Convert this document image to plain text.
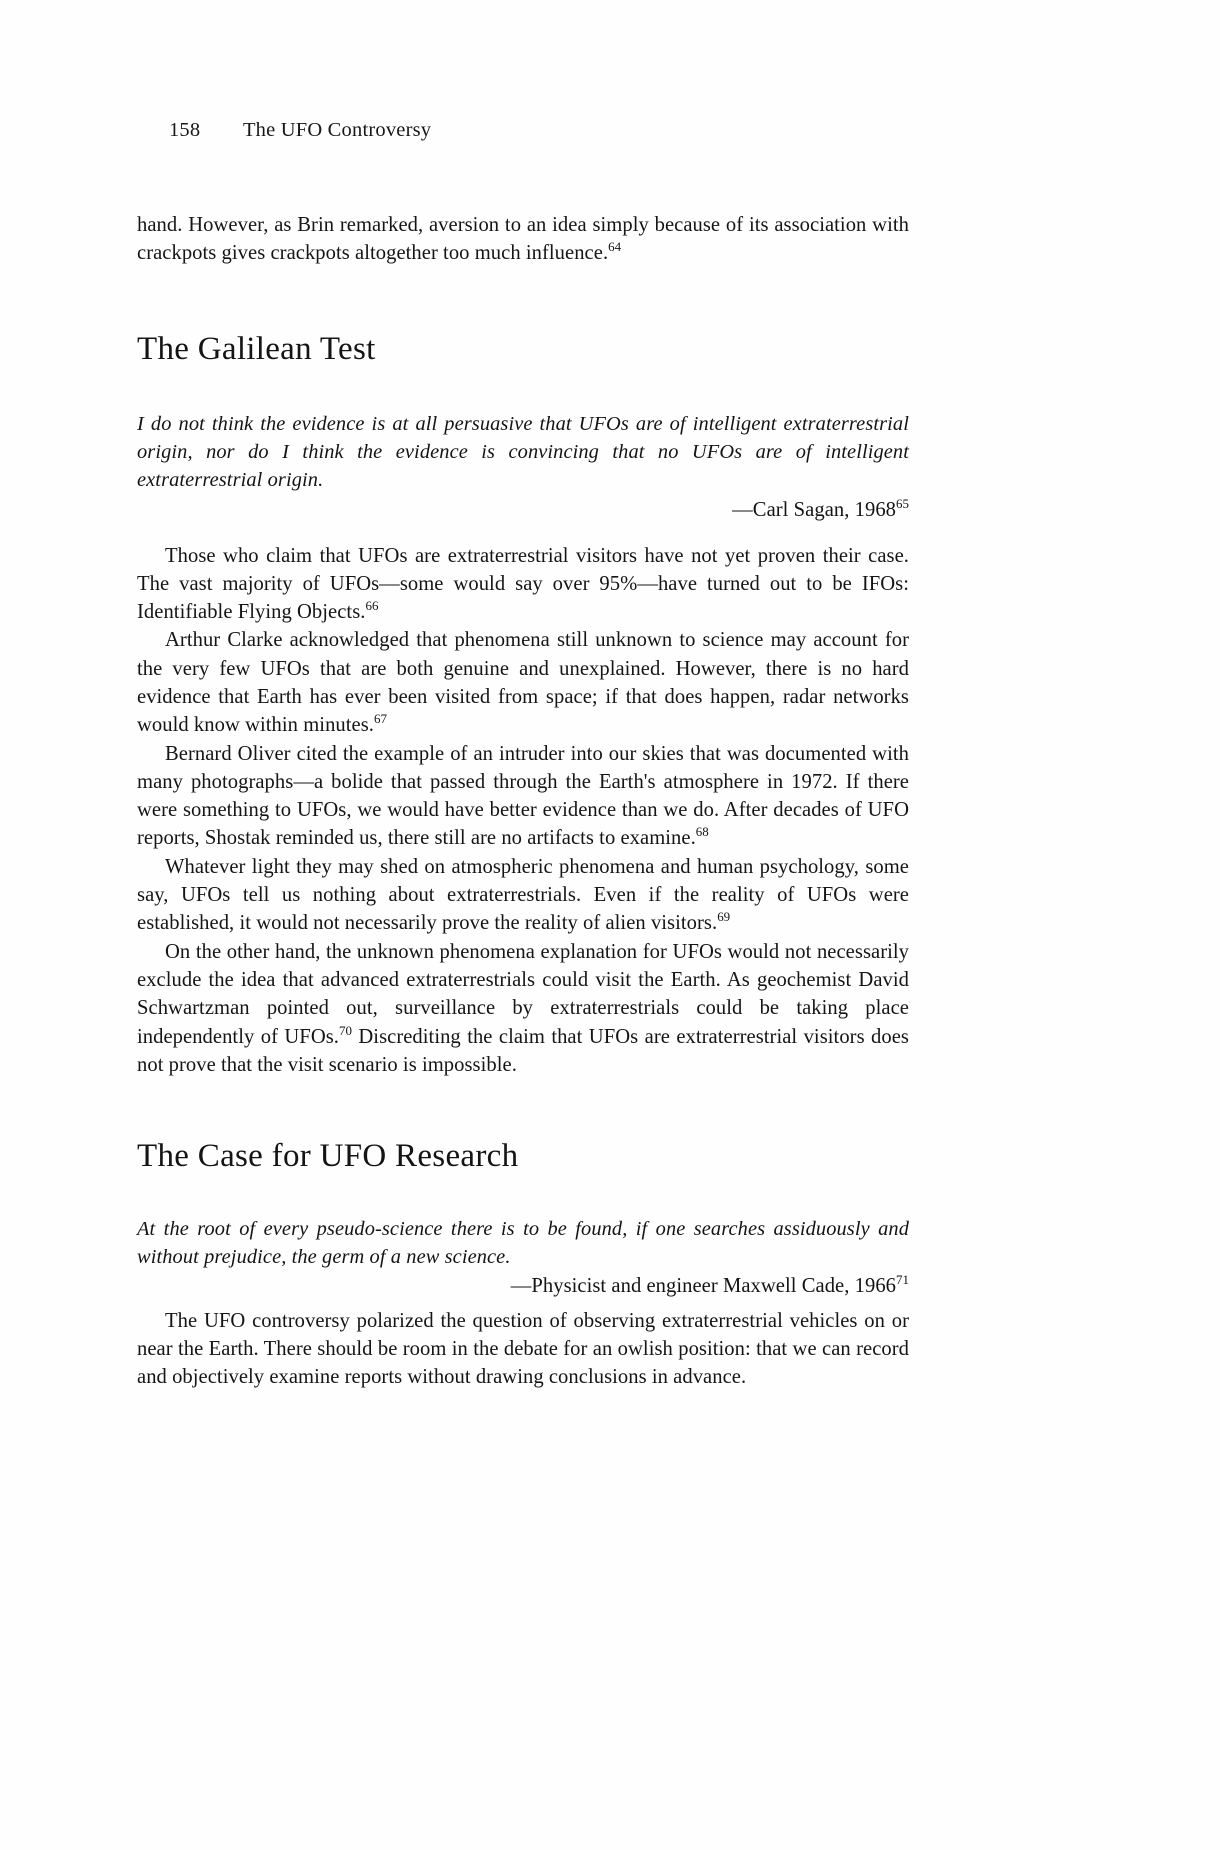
158 The UFO Controversy

hand. However, as Brin remarked, aversion to an idea simply because of its association with crackpots gives crackpots altogether too much influence.$^{64}$

The Galilean Test

I do not think the evidence is at all persuasive that UFOs are of intelligent extraterrestrial origin, nor do I think the evidence is convincing that no UFOs are of intelligent extraterrestrial origin.

—Carl Sagan, 1968$^{65}$

Those who claim that UFOs are extraterrestrial visitors have not yet proven their case. The vast majority of UFOs—some would say over 95%—have turned out to be IFOs: Identifiable Flying Objects.$^{66}$

Arthur Clarke acknowledged that phenomena still unknown to science may account for the very few UFOs that are both genuine and unexplained. However, there is no hard evidence that Earth has ever been visited from space; if that does happen, radar networks would know within minutes.$^{67}$

Bernard Oliver cited the example of an intruder into our skies that was documented with many photographs—a bolide that passed through the Earth's atmosphere in 1972. If there were something to UFOs, we would have better evidence than we do. After decades of UFO reports, Shostak reminded us, there still are no artifacts to examine.$^{68}$

Whatever light they may shed on atmospheric phenomena and human psychology, some say, UFOs tell us nothing about extraterrestrials. Even if the reality of UFOs were established, it would not necessarily prove the reality of alien visitors.$^{69}$

On the other hand, the unknown phenomena explanation for UFOs would not necessarily exclude the idea that advanced extraterrestrials could visit the Earth. As geochemist David Schwartzman pointed out, surveillance by extraterrestrials could be taking place independently of UFOs.$^{70}$ Discrediting the claim that UFOs are extraterrestrial visitors does not prove that the visit scenario is impossible.

The Case for UFO Research

At the root of every pseudo-science there is to be found, if one searches assiduously and without prejudice, the germ of a new science.

—Physicist and engineer Maxwell Cade, 1966$^{71}$

The UFO controversy polarized the question of observing extraterrestrial vehicles on or near the Earth. There should be room in the debate for an owlish position: that we can record and objectively examine reports without drawing conclusions in advance.
